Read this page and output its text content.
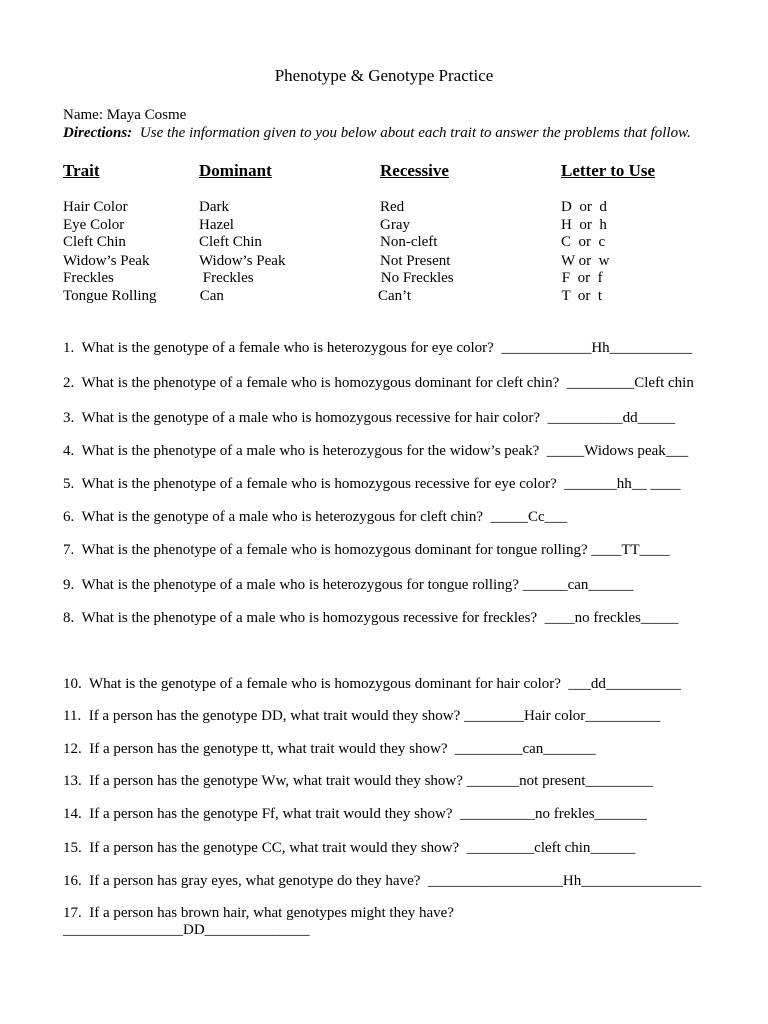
Phenotype & Genotype Practice
Name: Maya Cosme
Directions: Use the information given to you below about each trait to answer the problems that follow.
Trait	Dominant	Recessive	Letter to Use
Hair Color	Dark	Red	D  or  d
Eye Color	Hazel	Gray	H  or  h
Cleft Chin	Cleft Chin	Non-cleft	C  or  c
Widow’s Peak	Widow’s Peak	Not Present	W or  w
Freckles	Freckles	No Freckles	F  or  f
Tongue Rolling	Can	Can’t	T  or  t
1.  What is the genotype of a female who is heterozygous for eye color?  ____________Hh___________
2.  What is the phenotype of a female who is homozygous dominant for cleft chin?  _________Cleft chin
3.  What is the genotype of a male who is homozygous recessive for hair color?  __________dd_____
4.  What is the phenotype of a male who is heterozygous for the widow’s peak?  _____Widows peak___
5.  What is the phenotype of a female who is homozygous recessive for eye color?  _______hh__ ____
6.  What is the genotype of a male who is heterozygous for cleft chin?  _____Cc___
7.  What is the phenotype of a female who is homozygous dominant for tongue rolling? ____TT____
9.  What is the phenotype of a male who is heterozygous for tongue rolling? ______can______
8.  What is the phenotype of a male who is homozygous recessive for freckles?  ____no freckles_____
10.  What is the genotype of a female who is homozygous dominant for hair color?  ___dd__________
11.  If a person has the genotype DD, what trait would they show? ________Hair color__________
12.  If a person has the genotype tt, what trait would they show?  _________can_______
13.  If a person has the genotype Ww, what trait would they show? _______not present_________
14.  If a person has the genotype Ff, what trait would they show?  __________no frekles_______
15.  If a person has the genotype CC, what trait would they show?  _________cleft chin______
16.  If a person has gray eyes, what genotype do they have?  __________________Hh________________
17.  If a person has brown hair, what genotypes might they have?
________________DD______________
